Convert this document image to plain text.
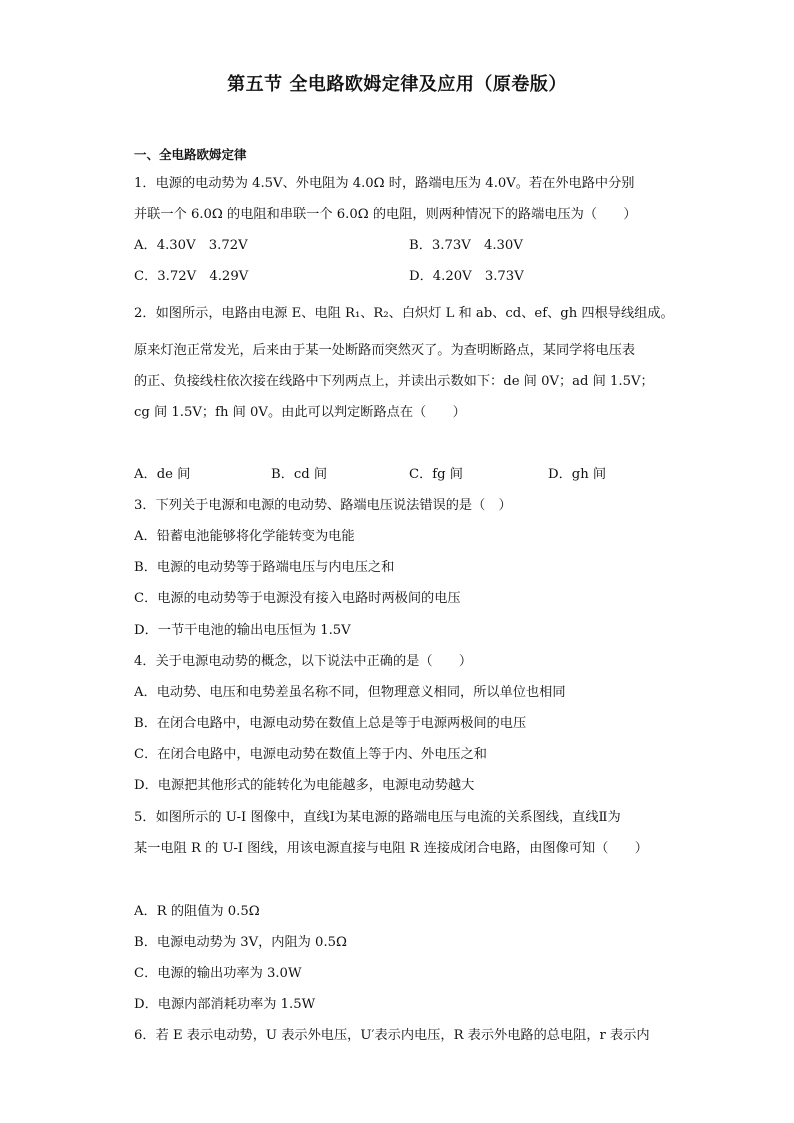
第五节 全电路欧姆定律及应用（原卷版）
一、全电路欧姆定律
1．电源的电动势为 4.5V、外电阻为 4.0Ω 时，路端电压为 4.0V。若在外电路中分别
并联一个 6.0Ω 的电阻和串联一个 6.0Ω 的电阻，则两种情况下的路端电压为（　　）
A．4.30V　3.72V	B．3.73V　4.30V
C．3.72V　4.29V	D．4.20V　3.73V
2．如图所示，电路由电源 E、电阻 R₁、R₂、白炽灯 L 和 ab、cd、ef、gh 四根导线组成。
原来灯泡正常发光，后来由于某一处断路而突然灭了。为查明断路点，某同学将电压表
的正、负接线柱依次接在线路中下列两点上，并读出示数如下：de 间 0V；ad 间 1.5V；
cg 间 1.5V；fh 间 0V。由此可以判定断路点在（　　）
A．de 间	B．cd 间	C．fg 间	D．gh 间
3．下列关于电源和电源的电动势、路端电压说法错误的是（　）
A．铅蓄电池能够将化学能转变为电能
B．电源的电动势等于路端电压与内电压之和
C．电源的电动势等于电源没有接入电路时两极间的电压
D．一节干电池的输出电压恒为 1.5V
4．关于电源电动势的概念，以下说法中正确的是（　　）
A．电动势、电压和电势差虽名称不同，但物理意义相同，所以单位也相同
B．在闭合电路中，电源电动势在数值上总是等于电源两极间的电压
C．在闭合电路中，电源电动势在数值上等于内、外电压之和
D．电源把其他形式的能转化为电能越多，电源电动势越大
5．如图所示的 U-I 图像中，直线Ⅰ为某电源的路端电压与电流的关系图线，直线Ⅱ为
某一电阻 R 的 U-I 图线，用该电源直接与电阻 R 连接成闭合电路，由图像可知（　　）
A．R 的阻值为 0.5Ω
B．电源电动势为 3V，内阻为 0.5Ω
C．电源的输出功率为 3.0W
D．电源内部消耗功率为 1.5W
6．若 E 表示电动势，U 表示外电压，U′表示内电压，R 表示外电路的总电阻，r 表示内
